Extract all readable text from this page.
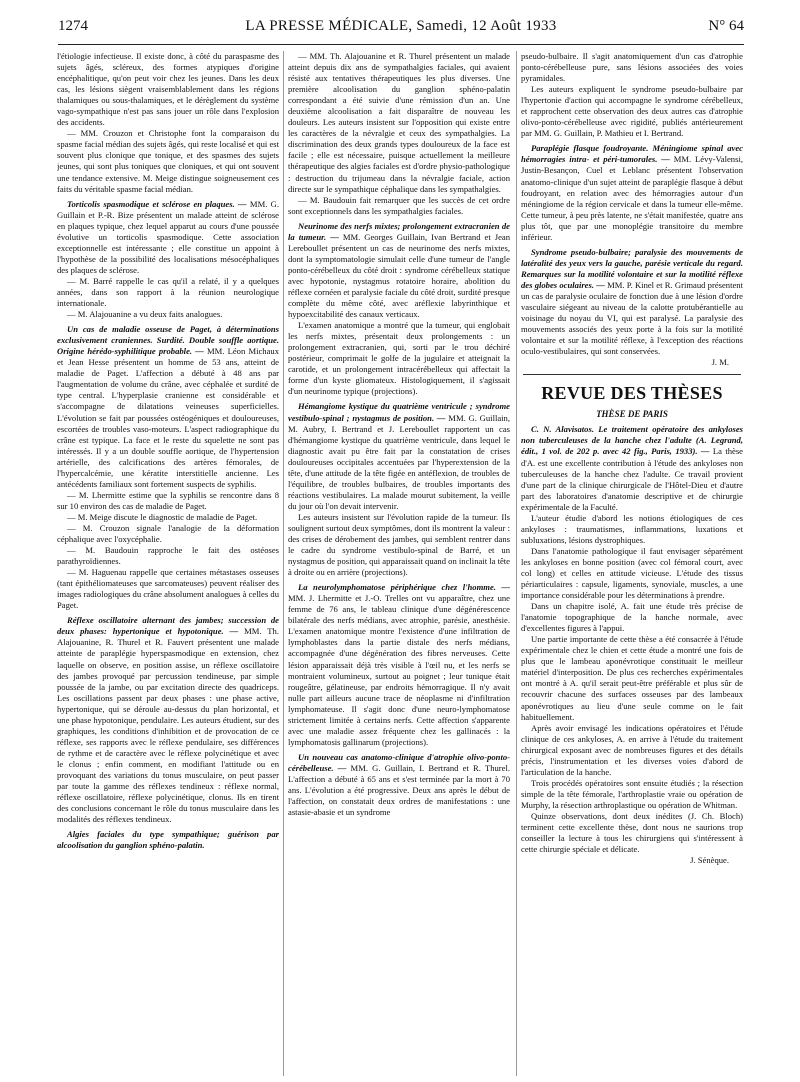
1274	LA PRESSE MÉDICALE, Samedi, 12 Août 1933	N° 64

l'étiologie infectieuse. Il existe donc, à côté du paraspasme des sujets âgés, scléreux, des formes atypiques d'origine encéphalitique, qu'on peut voir chez les jeunes. Dans les deux cas, les lésions siègent vraisemblablement dans les régions thalamiques ou sous-thalamiques, et le dérèglement du système vago-sympathique n'est pas sans jouer un rôle dans l'explosion des accidents.

— MM. Crouzon et Christophe font la comparaison du spasme facial médian des sujets âgés, qui reste localisé et qui est souvent plus clonique que tonique, et des spasmes des sujets jeunes, qui sont plus toniques que cloniques, et qui ont souvent une tendance extensive. M. Meige distingue soigneusement ces faits du véritable spasme facial médian.

Torticolis spasmodique et sclérose en plaques. — MM. G. Guillain et P.-R. Bize présentent un malade atteint de sclérose en plaques typique, chez lequel apparut au cours d'une poussée évolutive un torticolis spasmodique. Cette association exceptionnelle est intéressante ; elle constitue un appoint à l'hypothèse de la possibilité des localisations mésocéphaliques des plaques de sclérose.

— M. Barré rappelle le cas qu'il a relaté, il y a quelques années, dans son rapport à la réunion neurologique internationale.

— M. Alajouanine a vu deux faits analogues.

Un cas de maladie osseuse de Paget, à déterminations exclusivement craniennes. Surdité. Double souffle aortique. Origine hérédo-syphilitique probable. — MM. Léon Michaux et Jean Hesse présentent un homme de 53 ans, atteint de maladie de Paget. L'affection a débuté à 48 ans par l'augmentation de volume du crâne, avec céphalée et surdité de type central. L'hyperplasie cranienne est considérable et s'accompagne de dilatations veineuses superficielles. L'évolution se fait par poussées ostéogéniques et douloureuses, escortées de troubles vaso-moteurs. L'aspect radiographique du crâne est typique. La face et le reste du squelette ne sont pas intéressés. Il y a un double souffle aortique, de l'hypertension artérielle, des calcifications des artères fémorales, de l'hypercalcémie, une kératite interstitielle ancienne. Les antécédents familiaux sont fortement suspects de syphilis.

— M. Lhermitte estime que la syphilis se rencontre dans 8 sur 10 environ des cas de maladie de Paget.

— M. Meige discute le diagnostic de maladie de Paget.

— M. Crouzon signale l'analogie de la déformation céphalique avec l'oxycéphalie.

— M. Baudouin rapproche le fait des ostéoses parathyroïdiennes.

— M. Haguenau rappelle que certaines métastases osseuses (tant épithéliomateuses que sarcomateuses) peuvent réaliser des images radiologiques du crâne absolument analogues à celles du Paget.

Réflexe oscillatoire alternant des jambes; succession de deux phases: hypertonique et hypotonique. — MM. Th. Alajouanine, R. Thurel et R. Fauvert présentent une malade atteinte de paraplégie hyperspasmodique en extension, chez laquelle on observe, en position assise, un réflexe oscillatoire des jambes provoqué par percussion tendineuse, par simple poussée de la jambe, ou par excitation directe des quadriceps. Les oscillations passent par deux phases : une phase active, hypertonique, qui se déroule au-dessus du plan horizontal, et une phase hypotonique, pendulaire. Les auteurs étudient, sur des graphiques, les conditions d'inhibition et de provocation de ce réflexe, ses rapports avec le réflexe pendulaire, ses différences de rythme et de caractère avec le réflexe polycinétique et avec le clonus ; enfin comment, en modifiant l'attitude ou en provoquant des variations du tonus musculaire, on peut passer par toute la gamme des réflexes tendineux : réflexe normal, réflexe oscillatoire, réflexe polycinétique, clonus. Ils en tirent des conclusions concernant le rôle du tonus musculaire dans les modalités des réflexes tendineux.

Algies faciales du type sympathique; guérison par alcoolisation du ganglion sphéno-palatin.

— MM. Th. Alajouanine et R. Thurel présentent un malade atteint depuis dix ans de sympathalgies faciales, qui avaient résisté aux tentatives thérapeutiques les plus diverses. Une première alcoolisation du ganglion sphéno-palatin correspondant a été suivie d'une rémission d'un an. Une deuxième alcoolisation a fait disparaître de nouveau les douleurs. Les auteurs insistent sur l'opposition qui existe entre les caractères de la névralgie et ceux des sympathalgies. La discrimination des deux grands types douloureux de la face est facile ; elle est nécessaire, puisque actuellement la meilleure thérapeutique des algies faciales est d'ordre physio-pathologique : destruction du trijumeau dans la névralgie faciale, action directe sur le sympathique céphalique dans les sympathalgies.

— M. Baudouin fait remarquer que les succès de cet ordre sont exceptionnels dans les sympathalgies faciales.

Neurinome des nerfs mixtes; prolongement extracranien de la tumeur. — MM. Georges Guillain, Ivan Bertrand et Jean Lereboullet présentent un cas de neurinome des nerfs mixtes, dont la symptomatologie simulait celle d'une tumeur de l'angle ponto-cérébelleux du côté droit : syndrome cérébelleux statique avec hypotonie, nystagmus rotatoire horaire, abolition du réflexe cornéen et paralysie faciale du côté droit, surdité presque complète du même côté, avec aréflexie labyrinthique et hypoexcitabilité des canaux verticaux.

L'examen anatomique a montré que la tumeur, qui englobait les nerfs mixtes, présentait deux prolongements : un prolongement extracranien, qui, sorti par le trou déchiré postérieur, comprimait le golfe de la jugulaire et atteignait la carotide, et un prolongement intracérébelleux qui affectait la forme d'un kyste gliomateux. Histologiquement, il s'agissait d'un neurinome typique (projections).

Hémangiome kystique du quatrième ventricule ; syndrome vestibulo-spinal ; nystagmus de position. — MM. G. Guillain, M. Aubry, I. Bertrand et J. Lereboullet rapportent un cas d'hémangiome kystique du quatrième ventricule, dans lequel le diagnostic avait pu être fait par la constatation de crises douloureuses occipitales accentuées par l'hyperextension de la tête, d'une attitude de la tête figée en antéflexion, de troubles de l'équilibre, de troubles bulbaires, de troubles importants des réactions vestibulaires. La malade mourut subitement, la veille du jour où l'on devait intervenir.

Les auteurs insistent sur l'évolution rapide de la tumeur. Ils soulignent surtout deux symptômes, dont ils montrent la valeur : des crises de dérobement des jambes, qui semblent rentrer dans le cadre du syndrome vestibulo-spinal de Barré, et un nystagmus de position, qui apparaissait quand on inclinait la tête à droite ou en arrière (projections).

La neurolymphomatose périphérique chez l'homme. — MM. J. Lhermitte et J.-O. Trelles ont vu apparaître, chez une femme de 76 ans, le tableau clinique d'une dégénérescence bilatérale des nerfs médians, avec atrophie, parésie, anesthésie. L'examen anatomique montre l'existence d'une infiltration de lymphoblastes dans la partie distale des nerfs médians, accompagnée d'une dégénération des fibres nerveuses. Cette lésion apparaissait déjà très visible à l'œil nu, et les nerfs se montraient volumineux, surtout au poignet ; leur tunique était rougeâtre, gélatineuse, par endroits hémorragique. Il n'y avait nulle part ailleurs aucune trace de néoplasme ni d'infiltration lymphomateuse. Il s'agit donc d'une neuro-lymphomatose strictement limitée à certains nerfs. Cette affection s'apparente avec une maladie assez fréquente chez les gallinacés : la lymphomatosis gallinarum (projections).

Un nouveau cas anatomo-clinique d'atrophie olivo-ponto-cérébelleuse. — MM. G. Guillain, I. Bertrand et R. Thurel. L'affection a débuté à 65 ans et s'est terminée par la mort à 70 ans. L'évolution a été progressive. Deux ans après le début de l'affection, on constatait deux ordres de manifestations : une astasie-abasie et un syndrome

pseudo-bulbaire. Il s'agit anatomiquement d'un cas d'atrophie ponto-cérébelleuse pure, sans lésions associées des voies pyramidales.

Les auteurs expliquent le syndrome pseudo-bulbaire par l'hypertonie d'action qui accompagne le syndrome cérébelleux, et rapprochent cette observation des deux autres cas d'atrophie olivo-ponto-cérébelleuse avec rigidité, publiés antérieurement par MM. G. Guillain, P. Mathieu et I. Bertrand.

Paraplégie flasque foudroyante. Méningiome spinal avec hémorragies intra- et péri-tumorales. — MM. Lévy-Valensi, Justin-Besançon, Cuel et Leblanc présentent l'observation anatomo-clinique d'un sujet atteint de paraplégie flasque à début foudroyant, en relation avec des hémorragies autour d'un méningiome de la région cervicale et dans la tumeur elle-même. Cette tumeur, à peu près latente, ne s'était manifestée, quatre ans plus tôt, que par une monoplégie transitoire du membre inférieur.

Syndrome pseudo-bulbaire; paralysie des mouvements de latéralité des yeux vers la gauche, parésie verticale du regard. Remarques sur la motilité volontaire et sur la motilité réflexe des globes oculaires. — MM. P. Kinel et R. Grimaud présentent un cas de paralysie oculaire de fonction due à une lésion d'ordre vasculaire siégeant au niveau de la calotte protubérantielle au voisinage du noyau du VI, qui est paralysé. La paralysie des mouvements associés des yeux porte à la fois sur la motilité volontaire et sur la motilité réflexe, à l'exception des réactions oculo-vestibulaires, qui sont conservées.

J. M.

REVUE DES THÈSES
THÈSE DE PARIS

C. N. Alavisatos. Le traitement opératoire des ankyloses non tuberculeuses de la hanche chez l'adulte (A. Legrand, édit., 1 vol. de 202 p. avec 42 fig., Paris, 1933). — La thèse d'A. est une excellente contribution à l'étude des ankyloses non tuberculeuses de la hanche chez l'adulte. Ce travail provient d'une part de la clinique chirurgicale de l'Hôtel-Dieu et d'autre part des laboratoires d'anatomie descriptive et de chirurgie expérimentale de la Faculté.

L'auteur étudie d'abord les notions étiologiques de ces ankyloses : traumatismes, inflammations, luxations et subluxations, lésions dystrophiques.

Dans l'anatomie pathologique il faut envisager séparément les ankyloses en bonne position (avec col fémoral court, avec col long) et celles en attitude vicieuse. L'étude des tissus périarticulaires : capsule, ligaments, synoviale, muscles, a une importance considérable pour les déterminations à prendre.

Dans un chapitre isolé, A. fait une étude très précise de l'anatomie topographique de la hanche normale, avec d'excellentes figures à l'appui.

Une partie importante de cette thèse a été consacrée à l'étude expérimentale chez le chien et cette étude a montré une fois de plus que le lambeau aponévrotique constituait le meilleur matériel d'interposition. De plus ces recherches expérimentales ont montré à A. qu'il serait peut-être préférable et plus sûr de recouvrir chacune des surfaces osseuses par des lambeaux aponévrotiques au lieu d'une seule comme on le fait habituellement.

Après avoir envisagé les indications opératoires et l'étude clinique de ces ankyloses, A. en arrive à l'étude du traitement chirurgical exposant avec de nombreuses figures et des détails précis, l'instrumentation et les diverses voies d'abord de l'articulation de la hanche.

Trois procédés opératoires sont ensuite étudiés ; la résection simple de la tête fémorale, l'arthroplastie vraie ou opération de Murphy, la résection arthroplastique ou opération de Whitman.

Quinze observations, dont deux inédites (J. Ch. Bloch) terminent cette excellente thèse, dont nous ne saurions trop conseiller la lecture à tous les chirurgiens qui s'intéressent à cette chirurgie spéciale et délicate.

J. Sénèque.
